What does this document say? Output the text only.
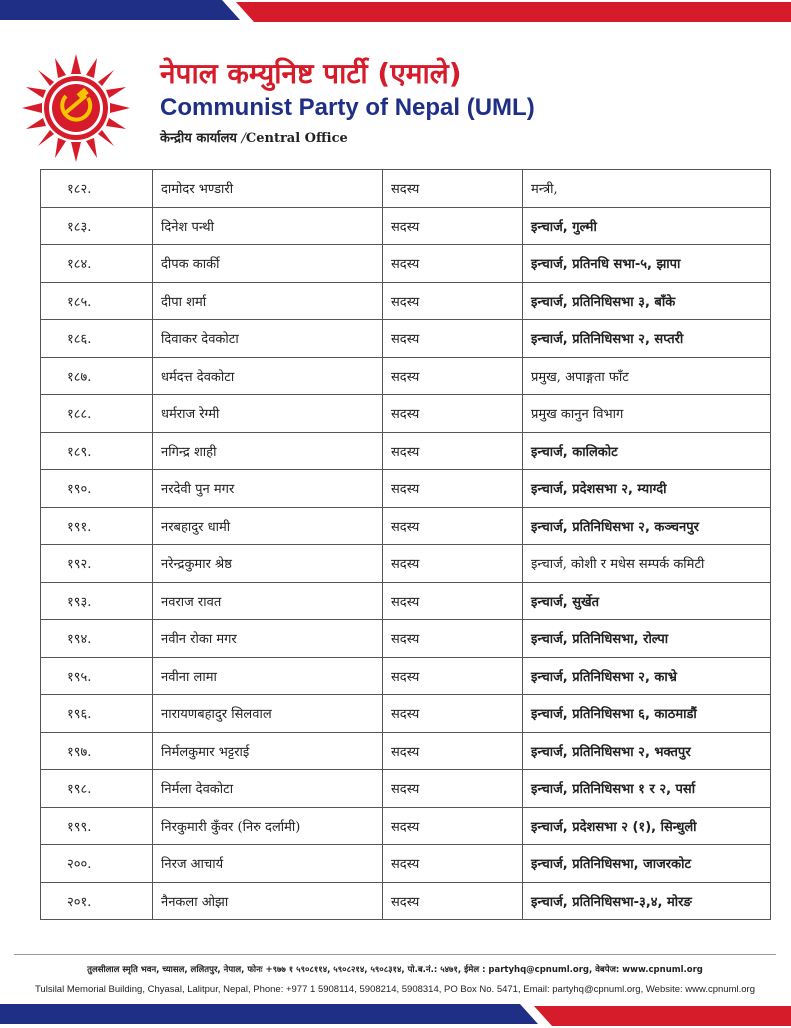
नेपाल कम्युनिष्ट पार्टी (एमाले)
Communist Party of Nepal (UML)
केन्द्रीय कार्यालय /Central Office
१८२.	दामोदर भण्डारी	सदस्य	मन्त्री,
१८३.	दिनेश पन्थी	सदस्य	इन्चार्ज, गुल्मी
१८४.	दीपक कार्की	सदस्य	इन्चार्ज, प्रतिनधि सभा-५, झापा
१८५.	दीपा शर्मा	सदस्य	इन्चार्ज, प्रतिनिधिसभा ३, बाँके
१८६.	दिवाकर देवकोटा	सदस्य	इन्चार्ज, प्रतिनिधिसभा २, सप्तरी
१८७.	धर्मदत्त देवकोटा	सदस्य	प्रमुख, अपाङ्गता फाँट
१८८.	धर्मराज रेग्मी	सदस्य	प्रमुख कानुन विभाग
१८९.	नगिन्द्र शाही	सदस्य	इन्चार्ज, कालिकोट
१९०.	नरदेवी पुन मगर	सदस्य	इन्चार्ज, प्रदेशसभा २, म्याग्दी
१९१.	नरबहादुर धामी	सदस्य	इन्चार्ज, प्रतिनिधिसभा २, कञ्चनपुर
१९२.	नरेन्द्रकुमार श्रेष्ठ	सदस्य	इन्चार्ज, कोशी र मधेस सम्पर्क कमिटी
१९३.	नवराज रावत	सदस्य	इन्चार्ज, सुर्खेत
१९४.	नवीन रोका मगर	सदस्य	इन्चार्ज, प्रतिनिधिसभा, रोल्पा
१९५.	नवीना लामा	सदस्य	इन्चार्ज, प्रतिनिधिसभा २, काभ्रे
१९६.	नारायणबहादुर सिलवाल	सदस्य	इन्चार्ज, प्रतिनिधिसभा ६, काठमाडौं
१९७.	निर्मलकुमार भट्टराई	सदस्य	इन्चार्ज, प्रतिनिधिसभा २, भक्तपुर
१९८.	निर्मला देवकोटा	सदस्य	इन्चार्ज, प्रतिनिधिसभा १ र २, पर्सा
१९९.	निरकुमारी कुँवर (निरु दर्लामी)	सदस्य	इन्चार्ज, प्रदेशसभा २ (१), सिन्धुली
२००.	निरज आचार्य	सदस्य	इन्चार्ज, प्रतिनिधिसभा, जाजरकोट
२०१.	नैनकला ओझा	सदस्य	इन्चार्ज, प्रतिनिधिसभा-३,४, मोरङ
तुलसीलाल स्मृति भवन, च्यासल, ललितपुर, नेपाल, फोनः +९७७ १ ५९०८११४, ५९०८२१४, ५९०८३१४, पो.ब.नं.: ५४७१, ईमेल : partyhq@cpnuml.org, वेबपेज: www.cpnuml.org
Tulsilal Memorial Building, Chyasal, Lalitpur, Nepal, Phone: +977 1 5908114, 5908214, 5908314, PO Box No. 5471, Email: partyhq@cpnuml.org, Website: www.cpnuml.org
